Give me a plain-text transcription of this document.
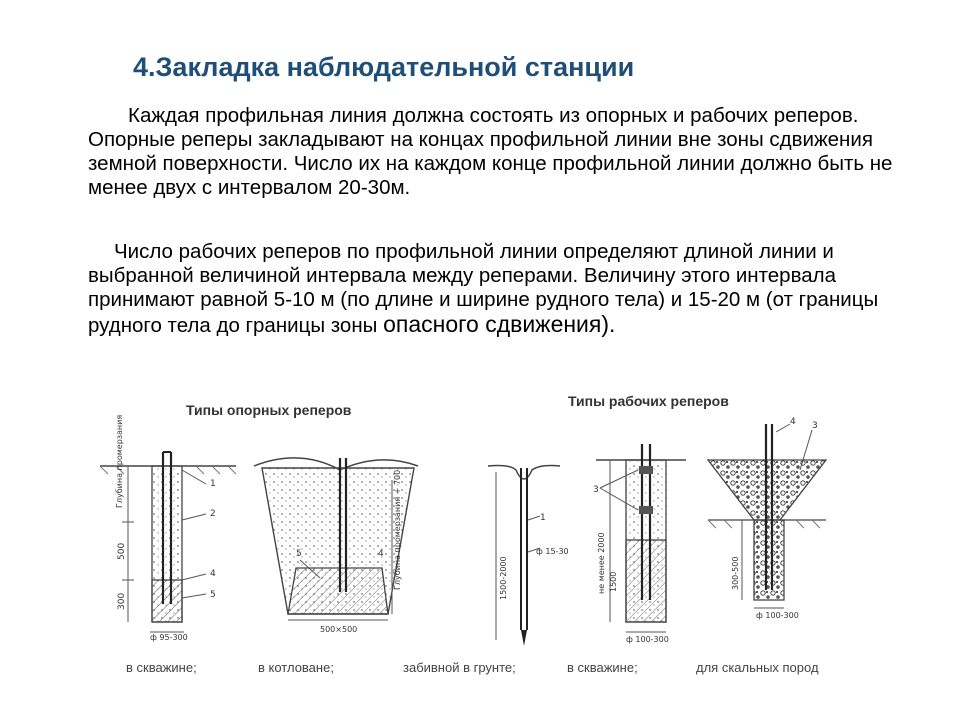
4.Закладка наблюдательной станции
Каждая профильная линия должна состоять из опорных и рабочих реперов. Опорные реперы закладывают на концах профильной линии вне зоны сдвижения земной поверхности. Число их на каждом конце профильной линии должно быть не менее двух с интервалом 20-30м.
Число рабочих реперов по профильной линии определяют длиной линии и выбранной величиной интервала между реперами. Величину этого интервала принимают равной 5-10 м (по длине и ширине рудного тела) и 15-20 м (от границы рудного тела до границы зоны опасного сдвижения).
Типы опорных реперов
Типы рабочих реперов
Глубина промерзания
500
300
ф 95-300
1
2
4
5
Глубина промерзания + 700
500×500
5	4
1500-2000
ф 15-30
1
не менее 2000 1500
ф 100-300
3
300-500
ф 100-300
4 3
в скважине;	в котловане;	забивной в грунте;	в скважине;	для скальных пород
